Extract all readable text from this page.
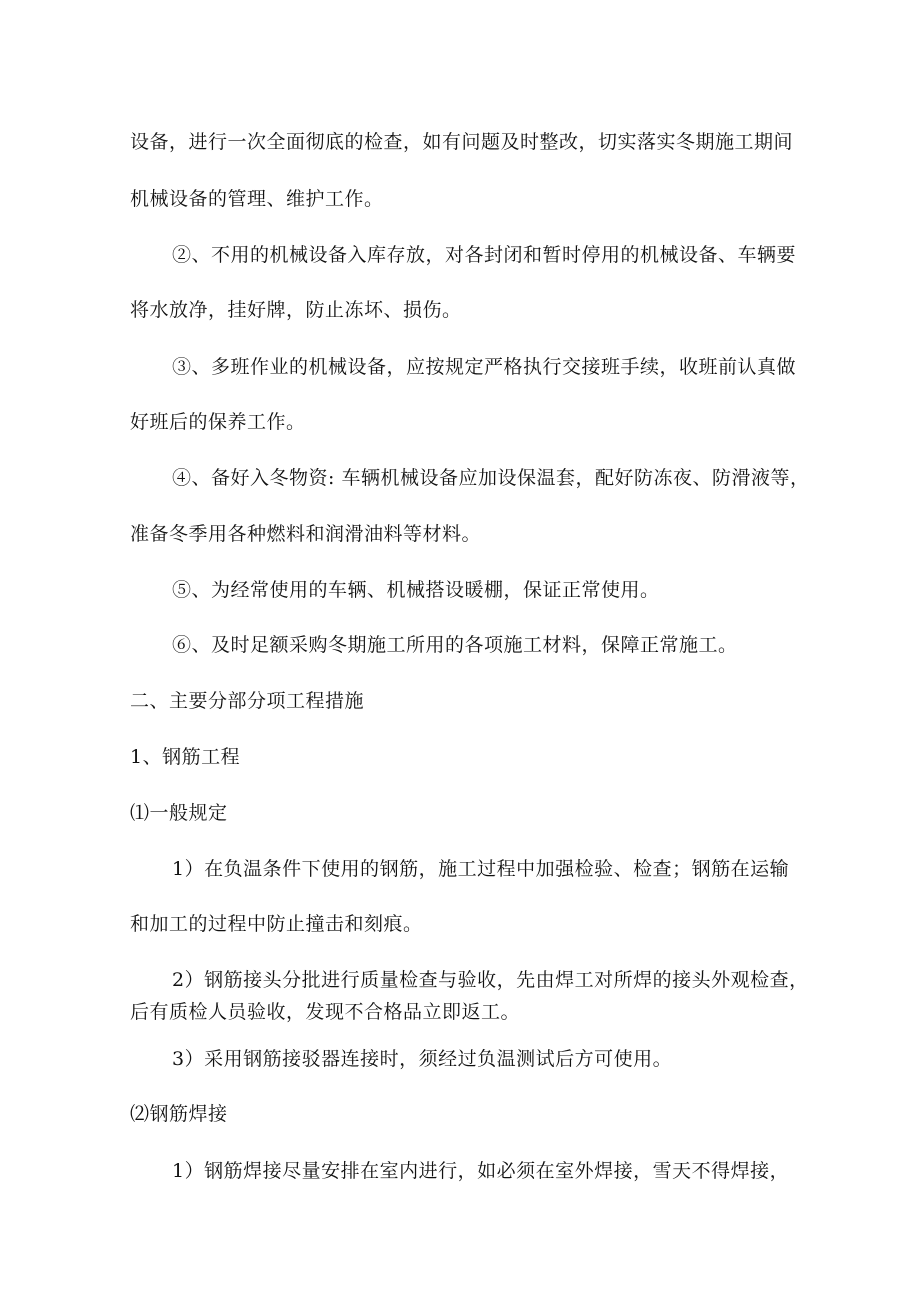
设备，进行一次全面彻底的检查，如有问题及时整改，切实落实冬期施工期间
机械设备的管理、维护工作。
②、不用的机械设备入库存放，对各封闭和暂时停用的机械设备、车辆要
将水放净，挂好牌，防止冻坏、损伤。
③、多班作业的机械设备，应按规定严格执行交接班手续，收班前认真做
好班后的保养工作。
④、备好入冬物资: 车辆机械设备应加设保温套，配好防冻夜、防滑液等，
准备冬季用各种燃料和润滑油料等材料。
⑤、为经常使用的车辆、机械搭设暖棚，保证正常使用。
⑥、及时足额采购冬期施工所用的各项施工材料，保障正常施工。
二、主要分部分项工程措施
1、钢筋工程
⑴一般规定
1）在负温条件下使用的钢筋，施工过程中加强检验、检查；钢筋在运输
和加工的过程中防止撞击和刻痕。
2）钢筋接头分批进行质量检查与验收，先由焊工对所焊的接头外观检查，
后有质检人员验收，发现不合格品立即返工。
3）采用钢筋接驳器连接时，须经过负温测试后方可使用。
⑵钢筋焊接
1）钢筋焊接尽量安排在室内进行，如必须在室外焊接，雪天不得焊接，
